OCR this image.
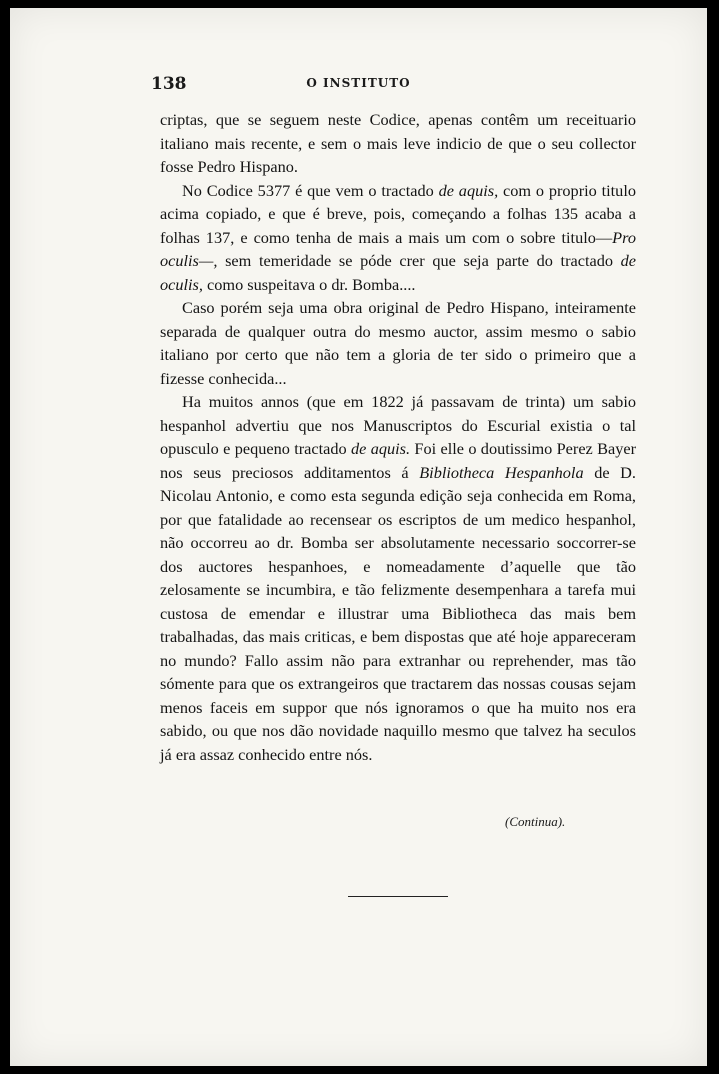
138	O INSTITUTO

criptas, que se seguem neste Codice, apenas contêm um receituario italiano mais recente, e sem o mais leve indicio de que o seu collector fosse Pedro Hispano.

No Codice 5377 é que vem o tractado de aquis, com o proprio titulo acima copiado, e que é breve, pois, começando a folhas 135 acaba a folhas 137, e como tenha de mais a mais um com o sobre titulo—Pro oculis—, sem temeridade se póde crer que seja parte do tractado de oculis, como suspeitava o dr. Bomba....

Caso porém seja uma obra original de Pedro Hispano, inteiramente separada de qualquer outra do mesmo auctor, assim mesmo o sabio italiano por certo que não tem a gloria de ter sido o primeiro que a fizesse conhecida...

Ha muitos annos (que em 1822 já passavam de trinta) um sabio hespanhol advertiu que nos Manuscriptos do Escurial existia o tal opusculo e pequeno tractado de aquis. Foi elle o doutissimo Perez Bayer nos seus preciosos additamentos á Bibliotheca Hespanhola de D. Nicolau Antonio, e como esta segunda edição seja conhecida em Roma, por que fatalidade ao recensear os escriptos de um medico hespanhol, não occorreu ao dr. Bomba ser absolutamente necessario soccorrer-se dos auctores hespanhoes, e nomeadamente d’aquelle que tão zelosamente se incumbira, e tão felizmente desempenhara a tarefa mui custosa de emendar e illustrar uma Bibliotheca das mais bem trabalhadas, das mais criticas, e bem dispostas que até hoje appareceram no mundo? Fallo assim não para extranhar ou reprehender, mas tão sómente para que os extrangeiros que tractarem das nossas cousas sejam menos faceis em suppor que nós ignoramos o que ha muito nos era sabido, ou que nos dão novidade naquillo mesmo que talvez ha seculos já era assaz conhecido entre nós.

(Continua).
